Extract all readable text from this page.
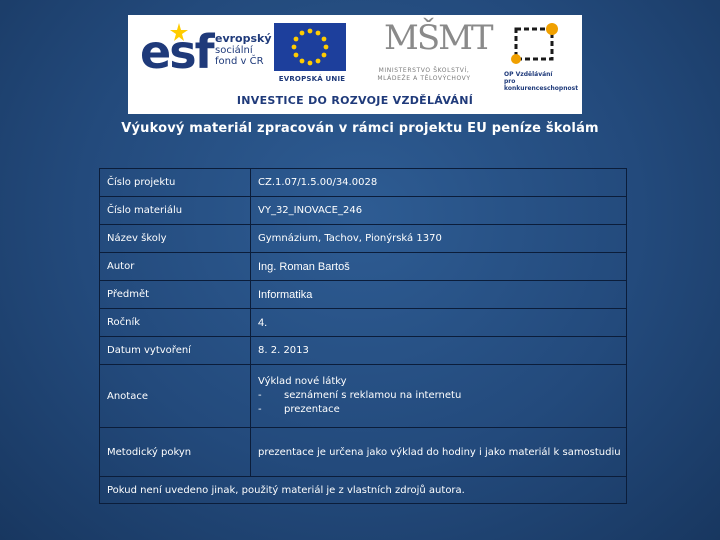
esf evropský
sociální
fond v ČR
EVROPSKÁ UNIE
MŠMT
MINISTERSTVO ŠKOLSTVÍ,
MLÁDEŽE A TĚLOVÝCHOVY
OP Vzdělávání
pro konkurenceschopnost
INVESTICE DO ROZVOJE VZDĚLÁVÁNÍ
Výukový materiál zpracován v rámci projektu EU peníze školám
Číslo projektu	CZ.1.07/1.5.00/34.0028
Číslo materiálu	VY_32_INOVACE_246
Název školy	Gymnázium, Tachov, Pionýrská 1370
Autor	Ing. Roman Bartoš
Předmět	Informatika
Ročník	4.
Datum vytvoření	8. 2. 2013
Anotace	Výklad nové látky
- seznámení s reklamou na internetu
- prezentace

Metodický pokyn	prezentace je určena jako výklad do hodiny i jako materiál k samostudiu
Pokud není uvedeno jinak, použitý materiál je z vlastních zdrojů autora.	
